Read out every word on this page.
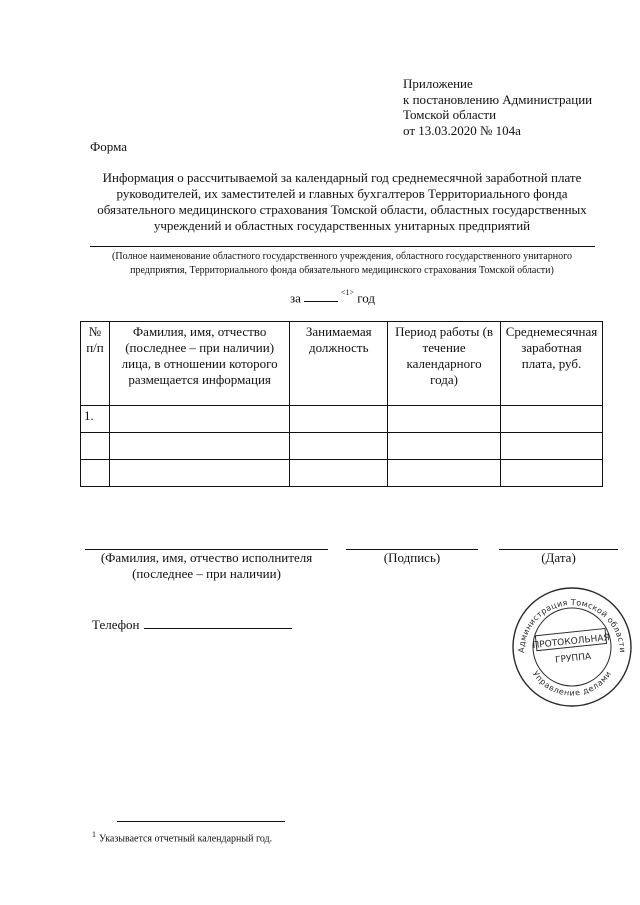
Приложение
к постановлению Администрации
Томской области
от 13.03.2020 № 104а
Форма
Информация о рассчитываемой за календарный год среднемесячной заработной плате руководителей, их заместителей и главных бухгалтеров Территориального фонда обязательного медицинского страхования Томской области, областных государственных учреждений и областных государственных унитарных предприятий
(Полное наименование областного государственного учреждения, областного государственного унитарного предприятия, Территориального фонда обязательного медицинского страхования Томской области)
за	$^{<1>}$ год
№ п/п	Фамилия, имя, отчество (последнее – при наличии) лица, в отношении которого размещается информация	Занимаемая должность	Период работы (в течение календарного года)	Среднемесячная заработная плата, руб.
1.				

(Фамилия, имя, отчество исполнителя
(последнее – при наличии)
(Подпись)	(Дата)
Телефон
Администрация Томской области
Управление делами
ПРОТОКОЛЬНАЯ
ГРУППА
$^1$ Указывается отчетный календарный год.
